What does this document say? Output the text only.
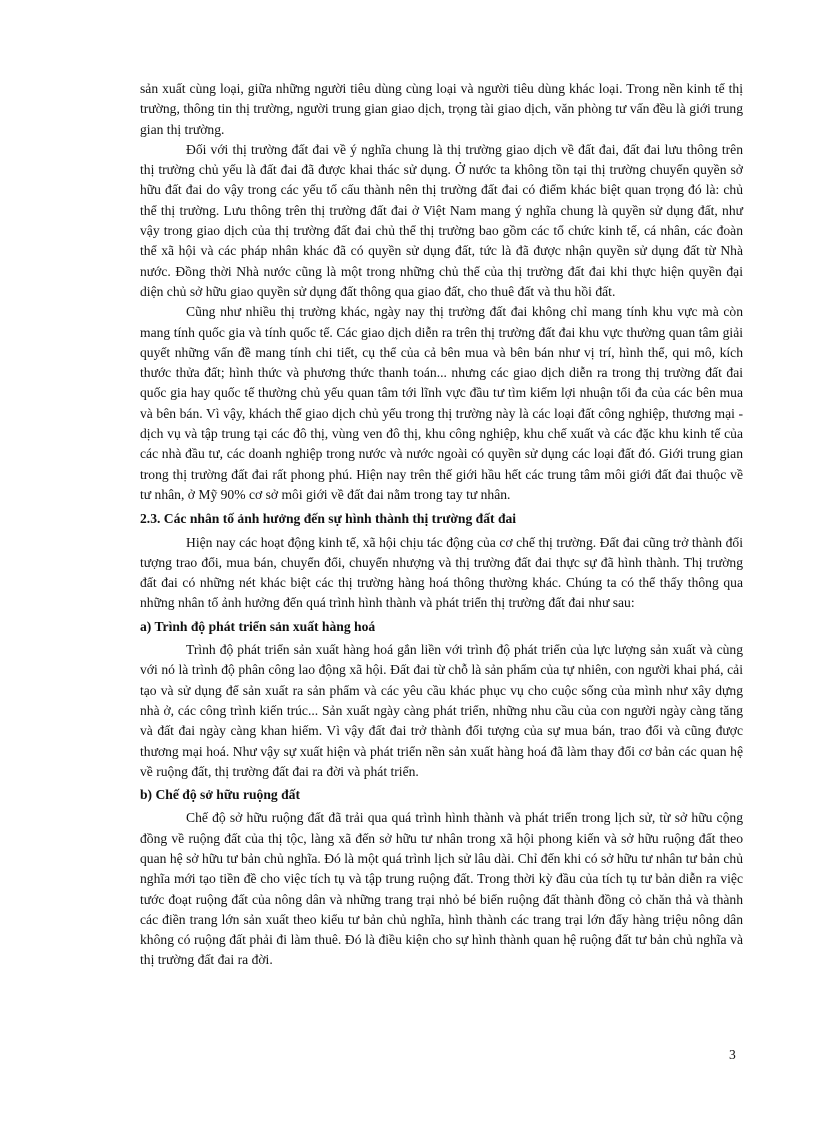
sản xuất cùng loại, giữa những người tiêu dùng cùng loại và người tiêu dùng khác loại. Trong nền kinh tế thị trường, thông tin thị trường, người trung gian giao dịch, trọng tài giao dịch, văn phòng tư vấn đều là giới trung gian thị trường.

Đối với thị trường đất đai về ý nghĩa chung là thị trường giao dịch về đất đai, đất đai lưu thông trên thị trường chủ yếu là đất đai đã được khai thác sử dụng. Ở nước ta không tồn tại thị trường chuyển quyền sở hữu đất đai do vậy trong các yếu tố cấu thành nên thị trường đất đai có điểm khác biệt quan trọng đó là: chủ thể thị trường. Lưu thông trên thị trường đất đai ở Việt Nam mang ý nghĩa chung là quyền sử dụng đất, như vậy trong giao dịch của thị trường đất đai chủ thể thị trường bao gồm các tổ chức kinh tế, cá nhân, các đoàn thể xã hội và các pháp nhân khác đã có quyền sử dụng đất, tức là đã được nhận quyền sử dụng đất từ Nhà nước. Đồng thời Nhà nước cũng là một trong những chủ thể của thị trường đất đai khi thực hiện quyền đại diện chủ sở hữu giao quyền sử dụng đất thông qua giao đất, cho thuê đất và thu hồi đất.

Cũng như nhiều thị trường khác, ngày nay thị trường đất đai không chỉ mang tính khu vực mà còn mang tính quốc gia và tính quốc tế. Các giao dịch diễn ra trên thị trường đất đai khu vực thường quan tâm giải quyết những vấn đề mang tính chi tiết, cụ thể của cả bên mua và bên bán như vị trí, hình thể, qui mô, kích thước thửa đất; hình thức và phương thức thanh toán... nhưng các giao dịch diễn ra trong thị trường đất đai quốc gia hay quốc tế thường chủ yếu quan tâm tới lĩnh vực đầu tư tìm kiếm lợi nhuận tối đa của các bên mua và bên bán. Vì vậy, khách thể giao dịch chủ yếu trong thị trường này là các loại đất công nghiệp, thương mại - dịch vụ và tập trung tại các đô thị, vùng ven đô thị, khu công nghiệp, khu chế xuất và các đặc khu kinh tế của các nhà đầu tư, các doanh nghiệp trong nước và nước ngoài có quyền sử dụng các loại đất đó. Giới trung gian trong thị trường đất đai rất phong phú. Hiện nay trên thế giới hầu hết các trung tâm môi giới đất đai thuộc về tư nhân, ở Mỹ 90% cơ sở môi giới về đất đai nằm trong tay tư nhân.

2.3. Các nhân tố ảnh hưởng đến sự hình thành thị trường đất đai

Hiện nay các hoạt động kinh tế, xã hội chịu tác động của cơ chế thị trường. Đất đai cũng trở thành đối tượng trao đổi, mua bán, chuyển đổi, chuyển nhượng và thị trường đất đai thực sự đã hình thành. Thị trường đất đai có những nét khác biệt các thị trường hàng hoá thông thường khác. Chúng ta có thể thấy thông qua những nhân tố ảnh hưởng đến quá trình hình thành và phát triển thị trường đất đai như sau:

a) Trình độ phát triển sản xuất hàng hoá

Trình độ phát triển sản xuất hàng hoá gắn liền với trình độ phát triển của lực lượng sản xuất và cùng với nó là trình độ phân công lao động xã hội. Đất đai từ chỗ là sản phẩm của tự nhiên, con người khai phá, cải tạo và sử dụng để sản xuất ra sản phẩm và các yêu cầu khác phục vụ cho cuộc sống của mình như xây dựng nhà ở, các công trình kiến trúc... Sản xuất ngày càng phát triển, những nhu cầu của con người ngày càng tăng và đất đai ngày càng khan hiếm. Vì vậy đất đai trở thành đối tượng của sự mua bán, trao đổi và cũng được thương mại hoá. Như vậy sự xuất hiện và phát triển nền sản xuất hàng hoá đã làm thay đổi cơ bản các quan hệ về ruộng đất, thị trường đất đai ra đời và phát triển.

b) Chế độ sở hữu ruộng đất

Chế độ sở hữu ruộng đất đã trải qua quá trình hình thành và phát triển trong lịch sử, từ sở hữu cộng đồng về ruộng đất của thị tộc, làng xã đến sở hữu tư nhân trong xã hội phong kiến và sở hữu ruộng đất theo quan hệ sở hữu tư bản chủ nghĩa. Đó là một quá trình lịch sử lâu dài. Chỉ đến khi có sở hữu tư nhân tư bản chủ nghĩa mới tạo tiền đề cho việc tích tụ và tập trung ruộng đất. Trong thời kỳ đầu của tích tụ tư bản diễn ra việc tước đoạt ruộng đất của nông dân và những trang trại nhỏ bé biến ruộng đất thành đồng cỏ chăn thả và thành các điền trang lớn sản xuất theo kiểu tư bản chủ nghĩa, hình thành các trang trại lớn đẩy hàng triệu nông dân không có ruộng đất phải đi làm thuê. Đó là điều kiện cho sự hình thành quan hệ ruộng đất tư bản chủ nghĩa và thị trường đất đai ra đời.

3
